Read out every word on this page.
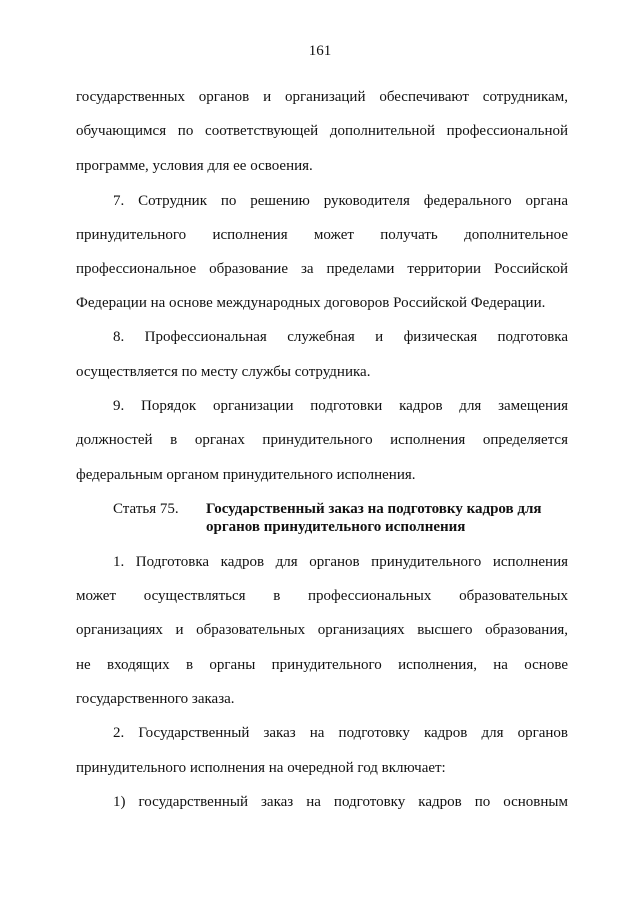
161
государственных органов и организаций обеспечивают сотрудникам,
обучающимся по соответствующей дополнительной профессиональной
программе, условия для ее освоения.
7. Сотрудник по решению руководителя федерального органа
принудительного исполнения может получать дополнительное
профессиональное образование за пределами территории Российской
Федерации на основе международных договоров Российской Федерации.
8. Профессиональная служебная и физическая подготовка
осуществляется по месту службы сотрудника.
9. Порядок организации подготовки кадров для замещения
должностей в органах принудительного исполнения определяется
федеральным органом принудительного исполнения.
Статья 75. Государственный заказ на подготовку кадров для
органов принудительного исполнения
1. Подготовка кадров для органов принудительного исполнения
может осуществляться в профессиональных образовательных
организациях и образовательных организациях высшего образования,
не входящих в органы принудительного исполнения, на основе
государственного заказа.
2. Государственный заказ на подготовку кадров для органов
принудительного исполнения на очередной год включает:
1) государственный заказ на подготовку кадров по основным
